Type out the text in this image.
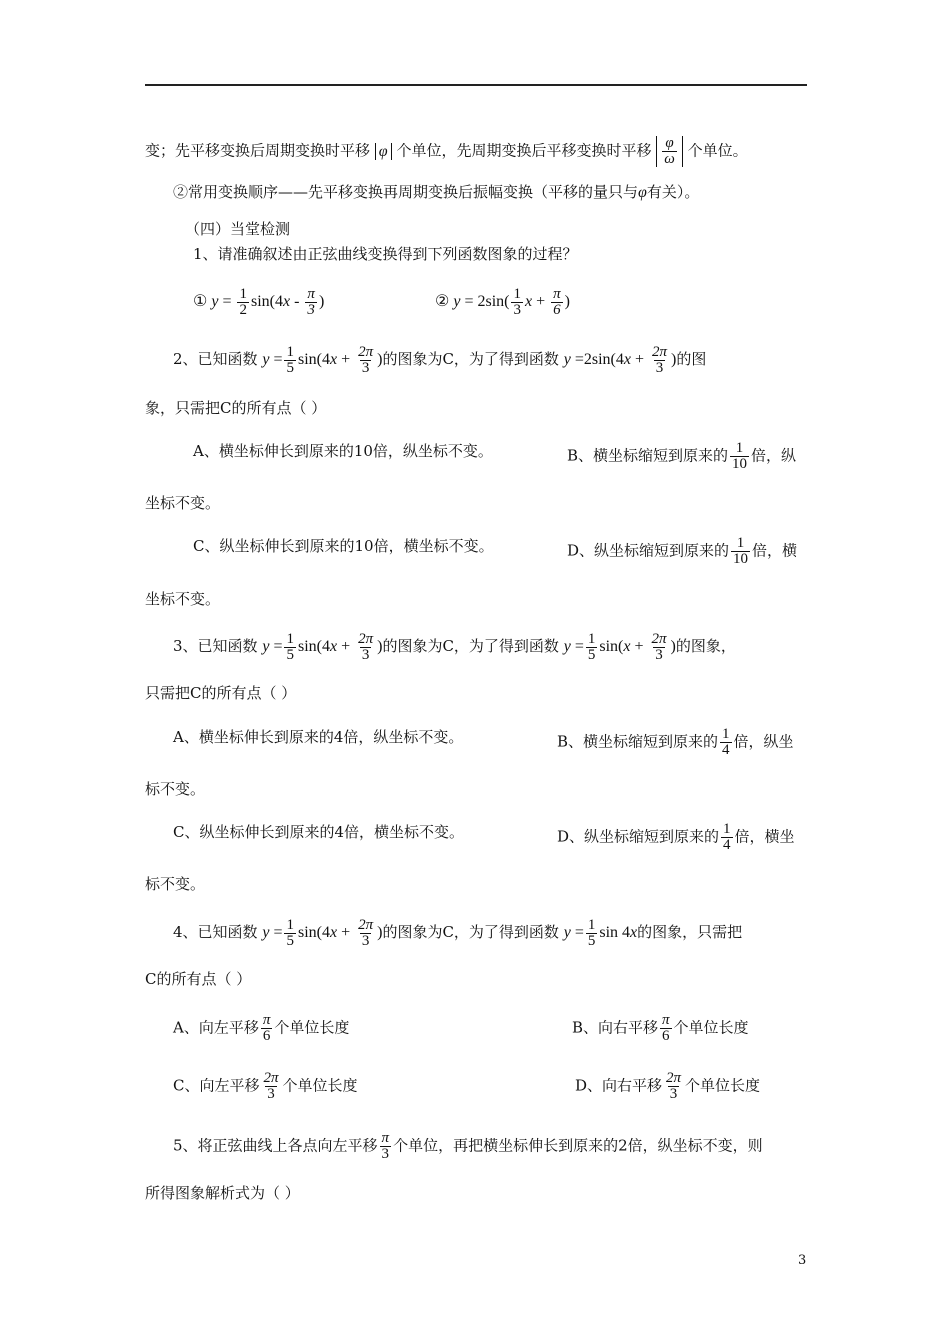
变；先平移变换后周期变换时平移 φ 个单位，先周期变换后平移变换时平移 $\frac{\varphi}{\omega}$ 个单位。
②常用变换顺序——先平移变换再周期变换后振幅变换（平移的量只与φ有关）。
（四）当堂检测
1、请准确叙述由正弦曲线变换得到下列函数图象的过程？
① $y = \frac{1}{2} \sin(4x - \frac{\pi}{3}$ )	② $y = 2\sin( \frac{1}{3}$ $x + \frac{\pi}{6}$ )
2、已知函数 $y = \frac{1}{5} \sin(4x + \frac{2\pi}{3}$ )的图象为C，为了得到函数 $y =2\sin(4x + \frac{2\pi}{3}$ )的图
象，只需把C的所有点（ ）
A、横坐标伸长到原来的10倍，纵坐标不变。	B、横坐标缩短到原来的 $\frac{1}{10}$ 倍，纵
坐标不变。
C、纵坐标伸长到原来的10倍，横坐标不变。	D、纵坐标缩短到原来的 $\frac{1}{10}$ 倍，横
坐标不变。
3、已知函数 $y = \frac{1}{5} \sin(4x + \frac{2\pi}{3}$ )的图象为C，为了得到函数 $y = \frac{1}{5} \sin(x + \frac{2\pi}{3}$ )的图象，
只需把C的所有点（ ）
A、横坐标伸长到原来的4倍，纵坐标不变。	B、横坐标缩短到原来的 $\frac{1}{4}$ 倍，纵坐
标不变。
C、纵坐标伸长到原来的4倍，横坐标不变。	D、纵坐标缩短到原来的 $\frac{1}{4}$ 倍，横坐
标不变。
4、已知函数 $y = \frac{1}{5} \sin(4x + \frac{2\pi}{3}$ )的图象为C，为了得到函数 $y = \frac{1}{5}$ sin 4x的图象，只需把
C的所有点（ ）
A、向左平移 $\frac{\pi}{6}$ 个单位长度	B、向右平移 $\frac{\pi}{6}$ 个单位长度
C、向左平移 $\frac{2\pi}{3}$ 个单位长度	D、向右平移 $\frac{2\pi}{3}$ 个单位长度
5、将正弦曲线上各点向左平移 $\frac{\pi}{3}$ 个单位，再把横坐标伸长到原来的2倍，纵坐标不变，则
所得图象解析式为（ ）
3
